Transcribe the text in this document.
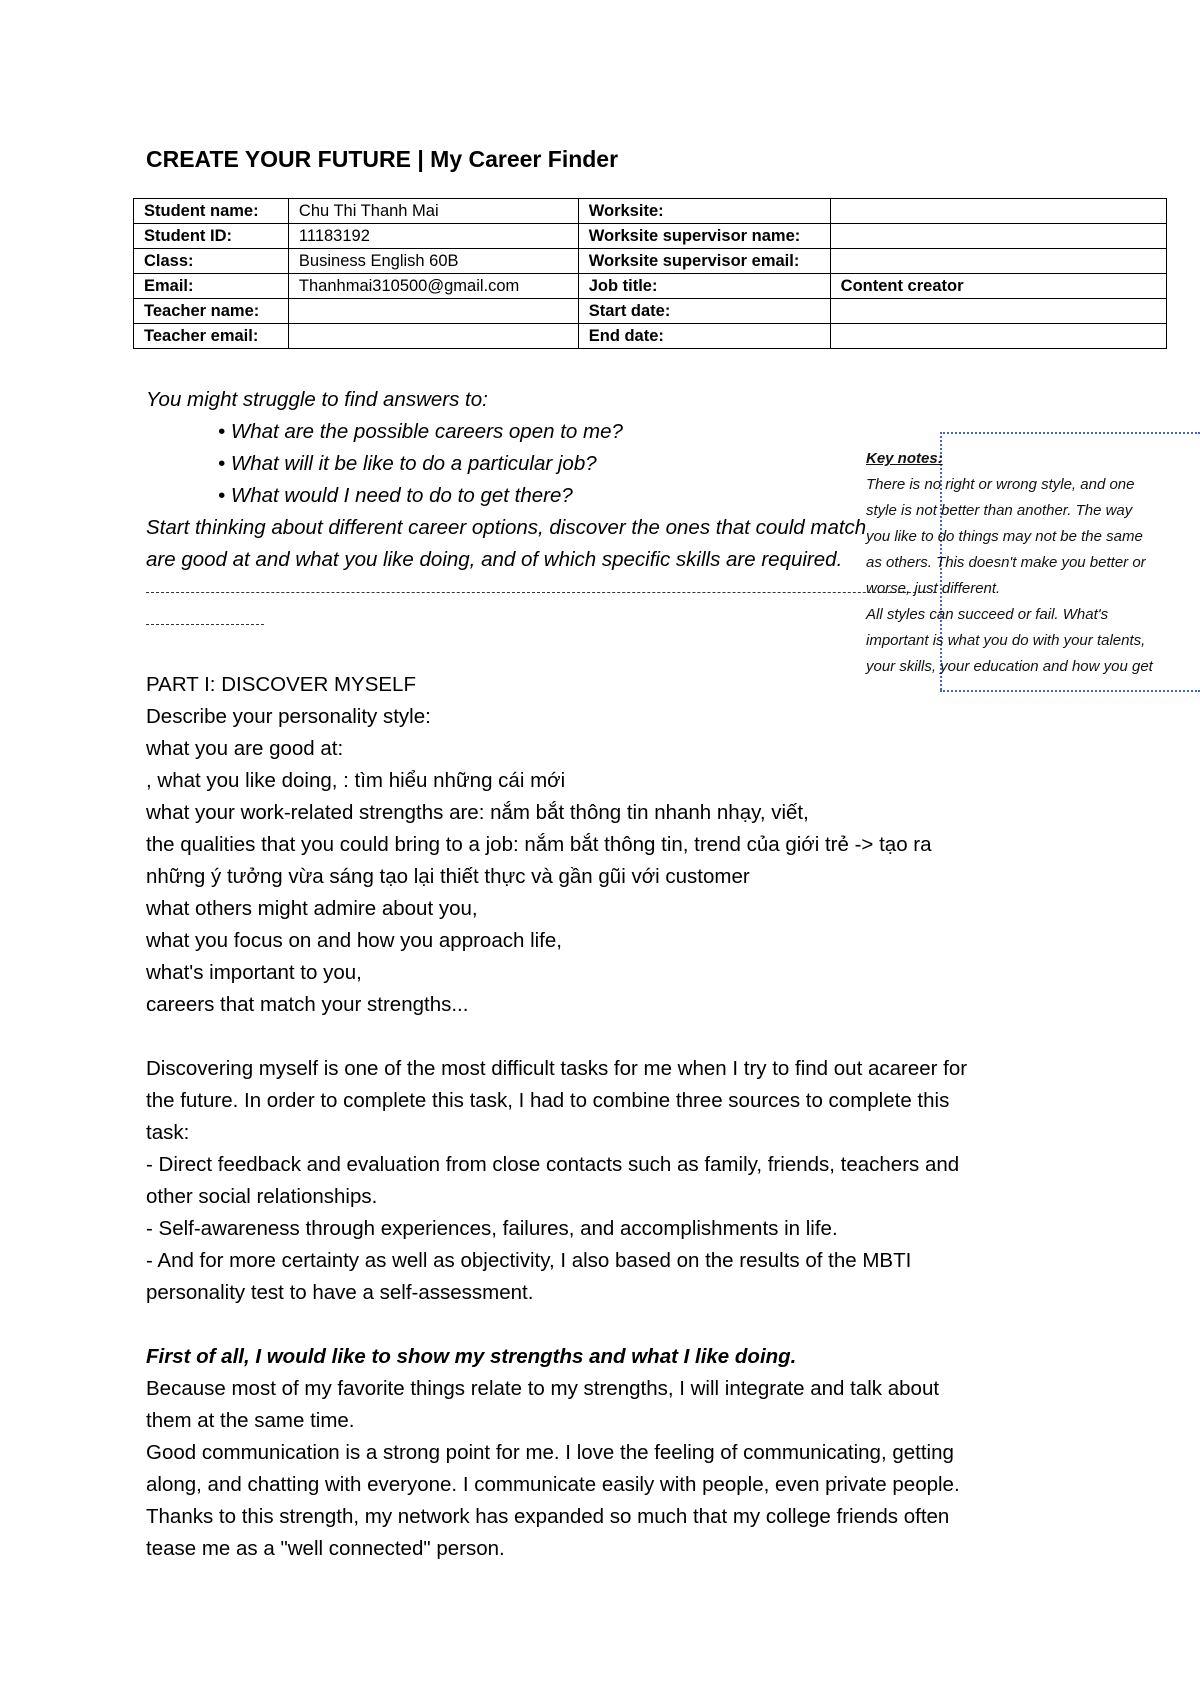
CREATE YOUR FUTURE | My Career Finder
Student name:	Chu Thi Thanh Mai	Worksite:	
Student ID:	11183192	Worksite supervisor name:	
Class:	Business English 60B	Worksite supervisor email:	
Email:	Thanhmai310500@gmail.com	Job title:	Content creator
Teacher name:		Start date:	
Teacher email:		End date:	
You might struggle to find answers to:
• What are the possible careers open to me?
• What will it be like to do a particular job?
• What would I need to do to get there?
Start thinking about different career options, discover the ones that could match
are good at and what you like doing, and of which specific skills are required.
Key notes:
There is no right or wrong style, and one
style is not better than another. The way
you like to do things may not be the same
as others. This doesn't make you better or
worse, just different.
All styles can succeed or fail. What's
important is what you do with your talents,
your skills, your education and how you get
PART I: DISCOVER MYSELF
Describe your personality style:
what you are good at:
, what you like doing, : tìm hiểu những cái mới
what your work-related strengths are: nắm bắt thông tin nhanh nhạy, viết,
the qualities that you could bring to a job: nắm bắt thông tin, trend của giới trẻ -> tạo ra
những ý tưởng vừa sáng tạo lại thiết thực và gần gũi với customer
what others might admire about you,
what you focus on and how you approach life,
what's important to you,
careers that match your strengths...
Discovering myself is one of the most difficult tasks for me when I try to find out acareer for
the future. In order to complete this task, I had to combine three sources to complete this
task:
- Direct feedback and evaluation from close contacts such as family, friends, teachers and
other social relationships.
- Self-awareness through experiences, failures, and accomplishments in life.
- And for more certainty as well as objectivity, I also based on the results of the MBTI
personality test to have a self-assessment.
First of all, I would like to show my strengths and what I like doing.
Because most of my favorite things relate to my strengths, I will integrate and talk about
them at the same time.
Good communication is a strong point for me. I love the feeling of communicating, getting
along, and chatting with everyone. I communicate easily with people, even private people.
Thanks to this strength, my network has expanded so much that my college friends often
tease me as a "well connected" person.
